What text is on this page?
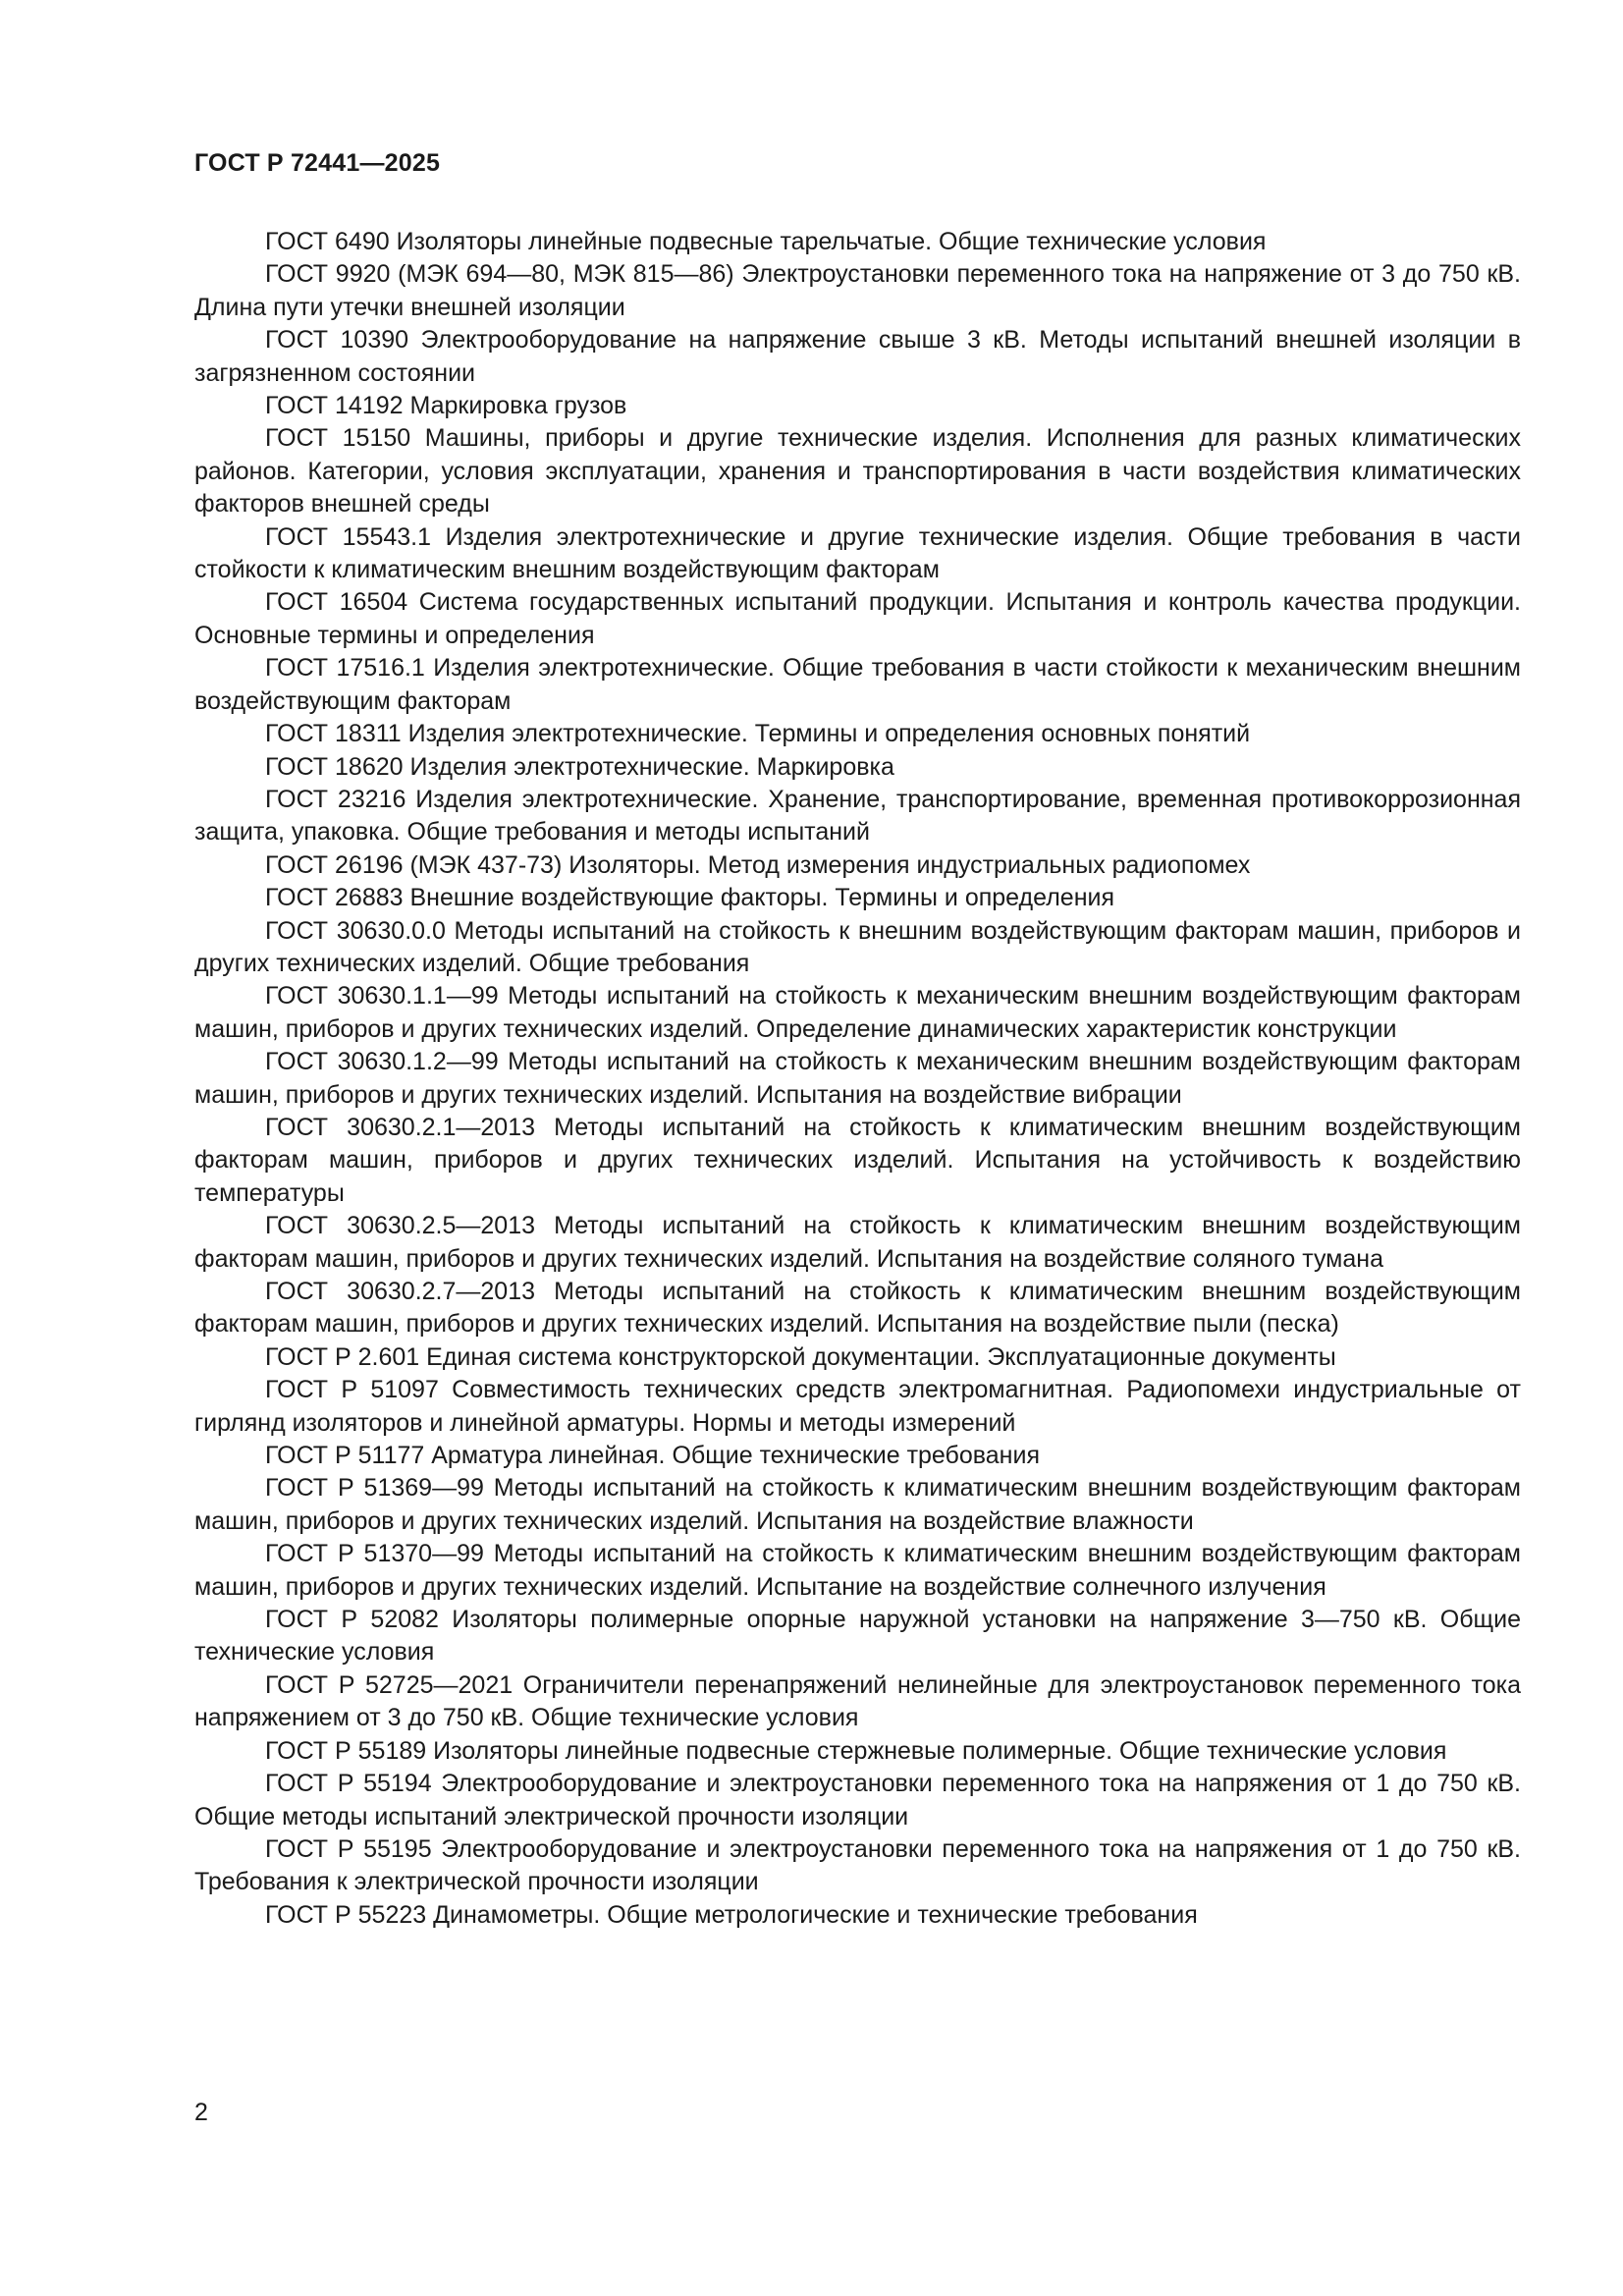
ГОСТ Р 72441—2025
ГОСТ 6490 Изоляторы линейные подвесные тарельчатые. Общие технические условия
ГОСТ 9920 (МЭК 694—80, МЭК 815—86) Электроустановки переменного тока на напряжение от 3 до 750 кВ. Длина пути утечки внешней изоляции
ГОСТ 10390 Электрооборудование на напряжение свыше 3 кВ. Методы испытаний внешней изоляции в загрязненном состоянии
ГОСТ 14192 Маркировка грузов
ГОСТ 15150 Машины, приборы и другие технические изделия. Исполнения для разных климатических районов. Категории, условия эксплуатации, хранения и транспортирования в части воздействия климатических факторов внешней среды
ГОСТ 15543.1 Изделия электротехнические и другие технические изделия. Общие требования в части стойкости к климатическим внешним воздействующим факторам
ГОСТ 16504 Система государственных испытаний продукции. Испытания и контроль качества продукции. Основные термины и определения
ГОСТ 17516.1 Изделия электротехнические. Общие требования в части стойкости к механическим внешним воздействующим факторам
ГОСТ 18311 Изделия электротехнические. Термины и определения основных понятий
ГОСТ 18620 Изделия электротехнические. Маркировка
ГОСТ 23216 Изделия электротехнические. Хранение, транспортирование, временная противокоррозионная защита, упаковка. Общие требования и методы испытаний
ГОСТ 26196 (МЭК 437-73) Изоляторы. Метод измерения индустриальных радиопомех
ГОСТ 26883 Внешние воздействующие факторы. Термины и определения
ГОСТ 30630.0.0 Методы испытаний на стойкость к внешним воздействующим факторам машин, приборов и других технических изделий. Общие требования
ГОСТ 30630.1.1—99 Методы испытаний на стойкость к механическим внешним воздействующим факторам машин, приборов и других технических изделий. Определение динамических характеристик конструкции
ГОСТ 30630.1.2—99 Методы испытаний на стойкость к механическим внешним воздействующим факторам машин, приборов и других технических изделий. Испытания на воздействие вибрации
ГОСТ 30630.2.1—2013 Методы испытаний на стойкость к климатическим внешним воздействующим факторам машин, приборов и других технических изделий. Испытания на устойчивость к воздействию температуры
ГОСТ 30630.2.5—2013 Методы испытаний на стойкость к климатическим внешним воздействующим факторам машин, приборов и других технических изделий. Испытания на воздействие соляного тумана
ГОСТ 30630.2.7—2013 Методы испытаний на стойкость к климатическим внешним воздействующим факторам машин, приборов и других технических изделий. Испытания на воздействие пыли (песка)
ГОСТ Р 2.601 Единая система конструкторской документации. Эксплуатационные документы
ГОСТ Р 51097 Совместимость технических средств электромагнитная. Радиопомехи индустриальные от гирлянд изоляторов и линейной арматуры. Нормы и методы измерений
ГОСТ Р 51177 Арматура линейная. Общие технические требования
ГОСТ Р 51369—99 Методы испытаний на стойкость к климатическим внешним воздействующим факторам машин, приборов и других технических изделий. Испытания на воздействие влажности
ГОСТ Р 51370—99 Методы испытаний на стойкость к климатическим внешним воздействующим факторам машин, приборов и других технических изделий. Испытание на воздействие солнечного излучения
ГОСТ Р 52082 Изоляторы полимерные опорные наружной установки на напряжение 3—750 кВ. Общие технические условия
ГОСТ Р 52725—2021 Ограничители перенапряжений нелинейные для электроустановок переменного тока напряжением от 3 до 750 кВ. Общие технические условия
ГОСТ Р 55189 Изоляторы линейные подвесные стержневые полимерные. Общие технические условия
ГОСТ Р 55194 Электрооборудование и электроустановки переменного тока на напряжения от 1 до 750 кВ. Общие методы испытаний электрической прочности изоляции
ГОСТ Р 55195 Электрооборудование и электроустановки переменного тока на напряжения от 1 до 750 кВ. Требования к электрической прочности изоляции
ГОСТ Р 55223 Динамометры. Общие метрологические и технические требования
2
